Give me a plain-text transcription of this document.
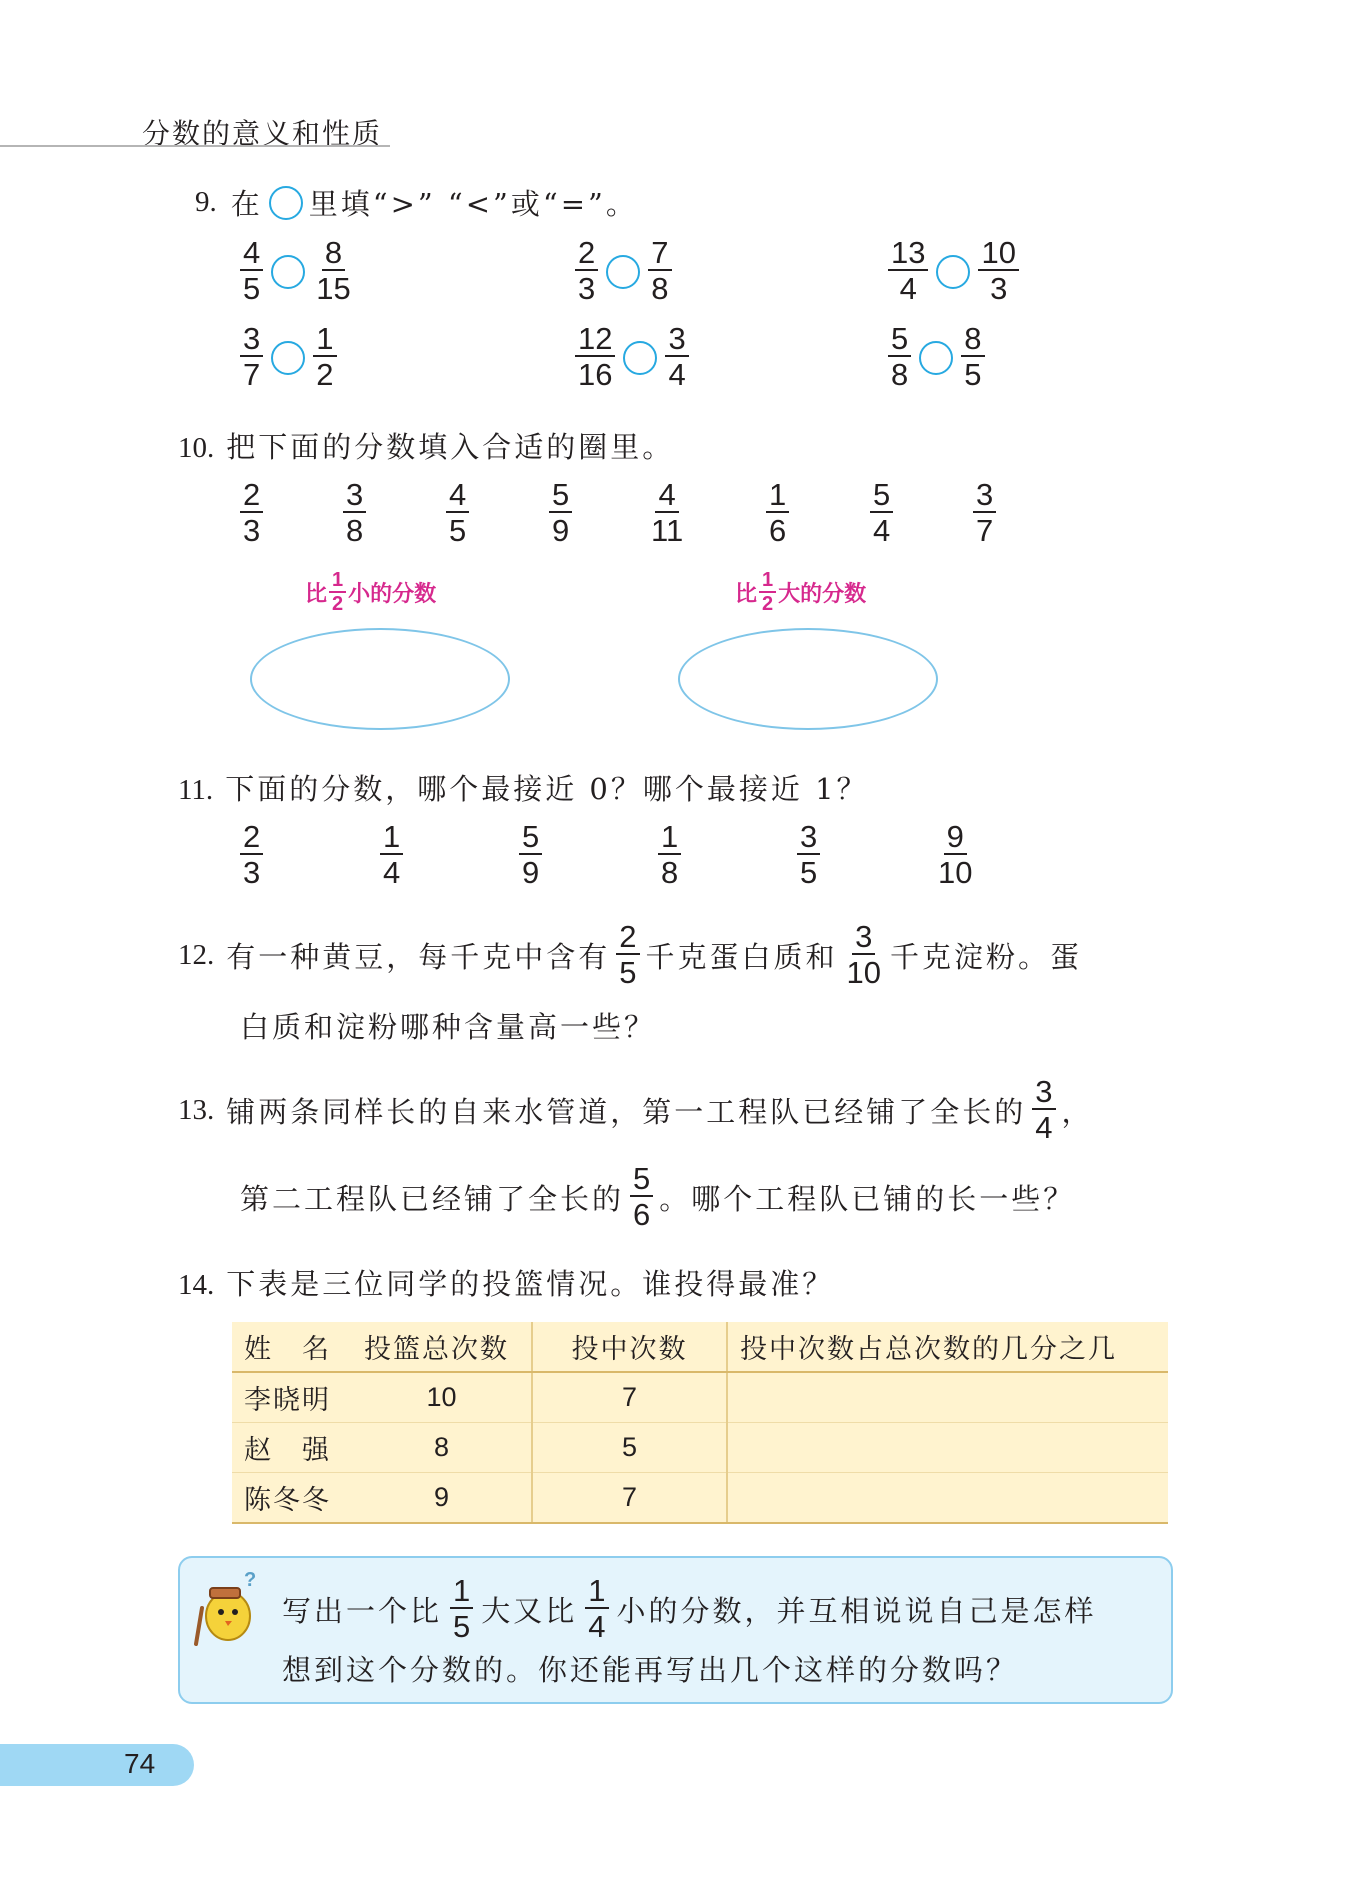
分数的意义和性质
9. 在 里填“>” “<”或“=”。
$\frac{4}{5} \frac{8}{15}$	$\frac{2}{3} \frac{7}{8}$	$\frac{13}{4} \frac{10}{3}$
$\frac{3}{7} \frac{1}{2}$	$\frac{12}{16} \frac{3}{4}$	$\frac{5}{8} \frac{8}{5}$
10. 把下面的分数填入合适的圈里。
$\frac{2}{3}$	$\frac{3}{8}$	$\frac{4}{5}$	$\frac{5}{9} \frac{4}{11}$	$\frac{1}{6}$	$\frac{5}{4}$	$\frac{3}{7}$
比 $\frac{1}{2}$ 小的分数	比 $\frac{1}{2}$ 大的分数
11. 下面的分数，哪个最接近 0？哪个最接近 1？
$\frac{2}{3}$	$\frac{1}{4}$	$\frac{5}{9}$	$\frac{1}{8}$	$\frac{3}{5}$	$\frac{9}{10}$
12. 有一种黄豆，每千克中含有 $\frac{2}{5}$ 千克蛋白质和 $\frac{3}{10}$ 千克淀粉。蛋
白质和淀粉哪种含量高一些？
13. 铺两条同样长的自来水管道，第一工程队已经铺了全长的 $\frac{3}{4}$ ，
第二工程队已经铺了全长的 $\frac{5}{6}$ 。哪个工程队已铺的长一些？
14. 下表是三位同学的投篮情况。谁投得最准？
姓　名	投篮总次数	投中次数	投中次数占总次数的几分之几
李晓明	10	7	
赵　强	8	5	
陈冬冬	9	7	
?
写出一个比 $\frac{1}{5}$ 大又比 $\frac{1}{4}$ 小的分数，并互相说说自己是怎样
想到这个分数的。你还能再写出几个这样的分数吗？
74
